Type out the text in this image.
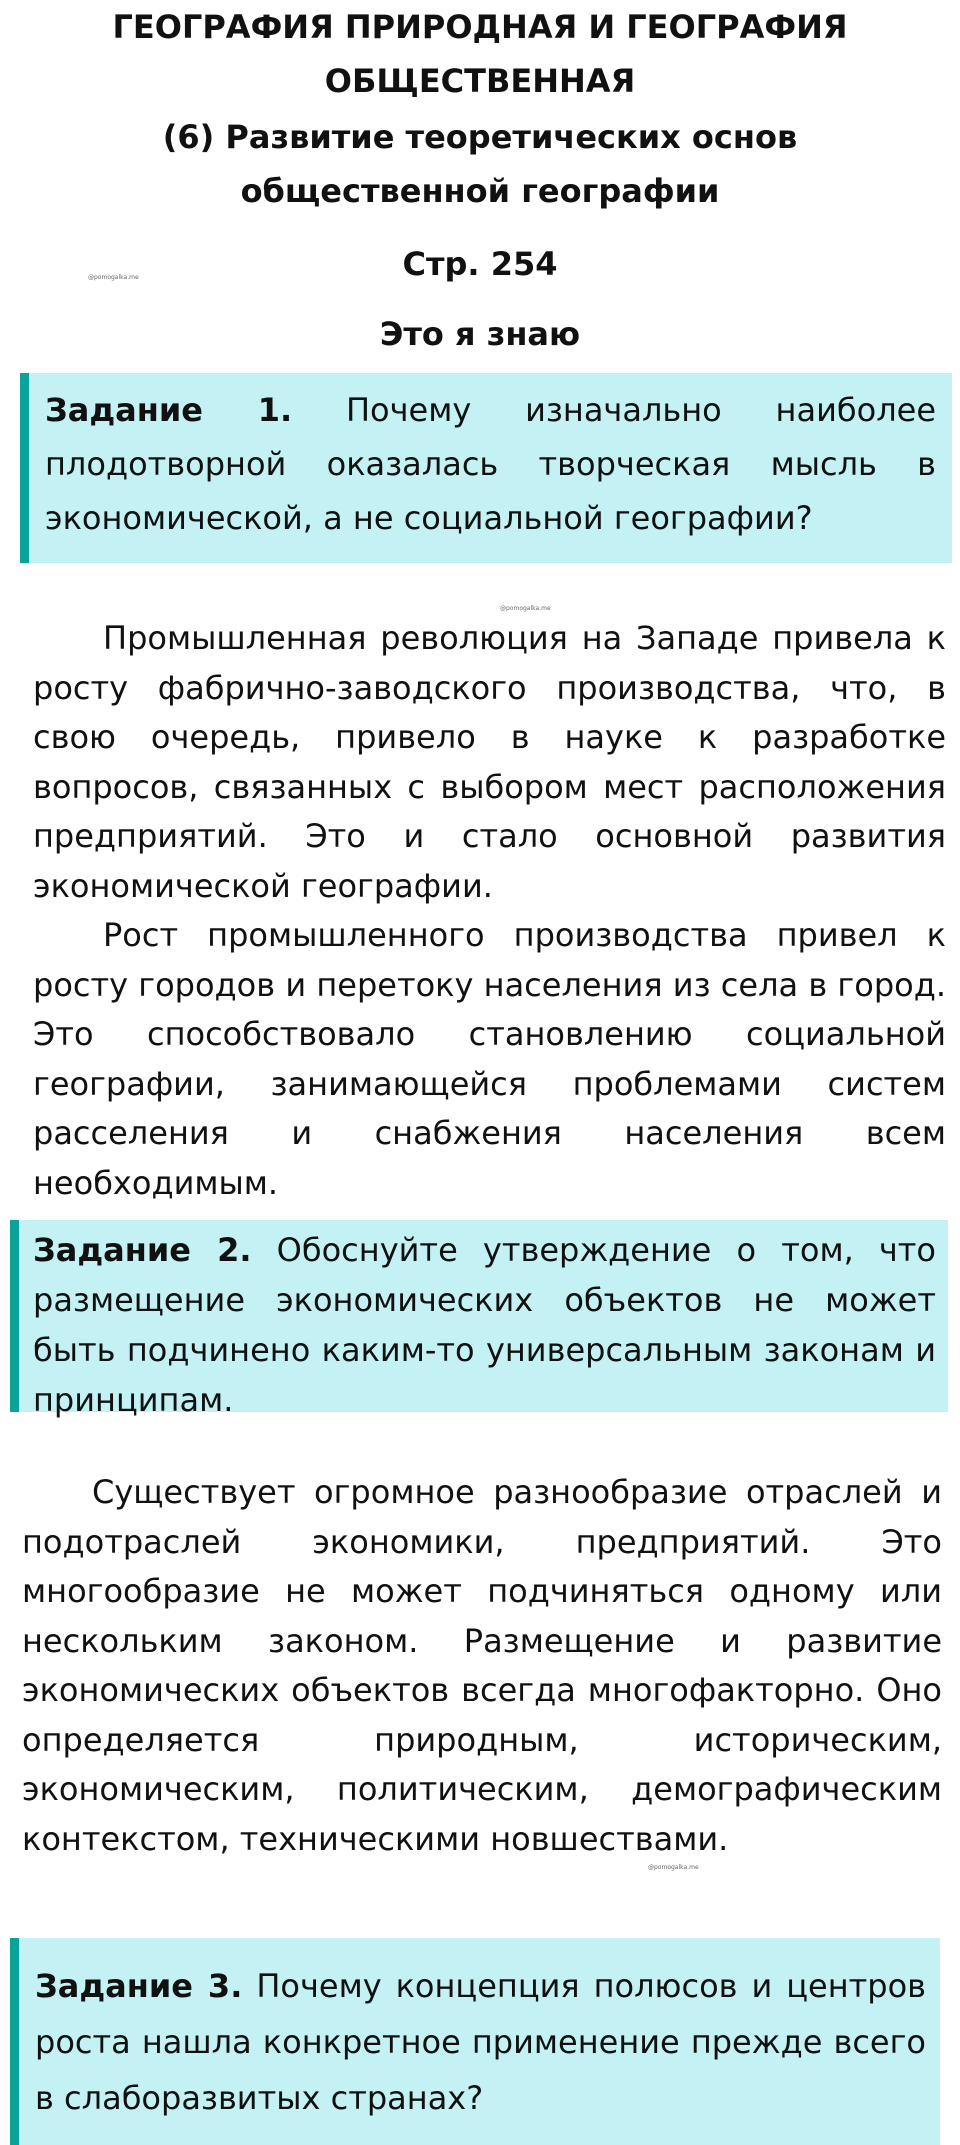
ГЕОГРАФИЯ ПРИРОДНАЯ И ГЕОГРАФИЯ ОБЩЕСТВЕННАЯ
(6) Развитие теоретических основ общественной географии
Стр. 254
Это я знаю
@pomogalka.me
Задание 1. Почему изначально наиболее плодотворной оказалась творческая мысль в экономической, а не социальной географии?
@pomogalka.me

Промышленная революция на Западе привела к росту фабрично-заводского производства, что, в свою очередь, привело в науке к разработке вопросов, связанных с выбором мест расположения предприятий. Это и стало основной развития экономической географии.

Рост промышленного производства привел к росту городов и перетоку населения из села в город. Это способствовало становлению социальной географии, занимающейся проблемами систем расселения и снабжения населения всем необходимым.

Задание 2. Обоснуйте утверждение о том, что размещение экономических объектов не может быть подчинено каким-то универсальным законам и принципам.

Существует огромное разнообразие отраслей и подотраслей экономики, предприятий. Это многообразие не может подчиняться одному или нескольким законом. Размещение и развитие экономических объектов всегда многофакторно. Оно определяется природным, историческим, экономическим, политическим, демографическим контекстом, техническими новшествами.

@pomogalka.me
Задание 3. Почему концепция полюсов и центров роста нашла конкретное применение прежде всего в слаборазвитых странах?
